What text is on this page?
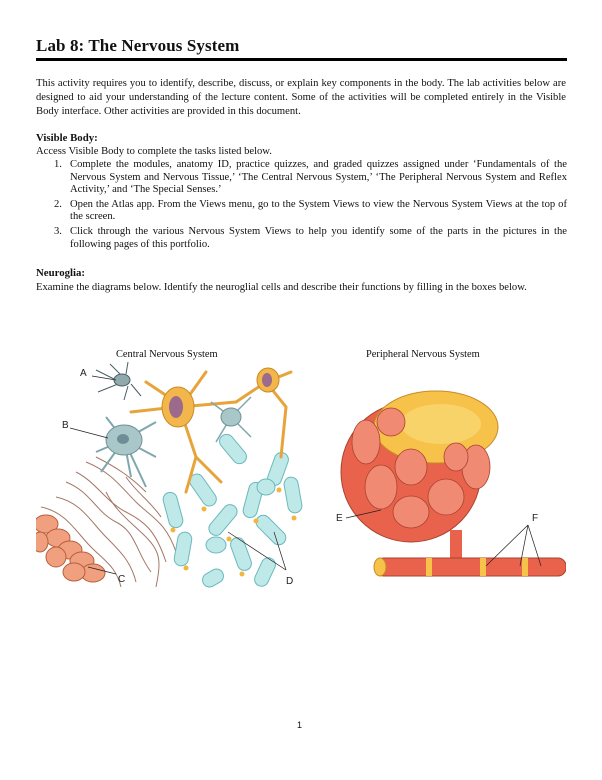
Lab 8: The Nervous System
This activity requires you to identify, describe, discuss, or explain key components in the body. The lab activities below are designed to aid your understanding of the lecture content. Some of the activities will be completed entirely in the Visible Body interface. Other activities are provided in this document.
Visible Body:
Access Visible Body to complete the tasks listed below.
1. Complete the modules, anatomy ID, practice quizzes, and graded quizzes assigned under ‘Fundamentals of the Nervous System and Nervous Tissue,’ ‘The Central Nervous System,’ ‘The Peripheral Nervous System and Reflex Activity,’ and ‘The Special Senses.’
2. Open the Atlas app. From the Views menu, go to the System Views to view the Nervous System Views at the top of the screen.
3. Click through the various Nervous System Views to help you identify some of the parts in the pictures in the following pages of this portfolio.
Neuroglia:
Examine the diagrams below. Identify the neuroglial cells and describe their functions by filling in the boxes below.
Central Nervous System	Peripheral Nervous System
A
B
C	D
E	F
1
